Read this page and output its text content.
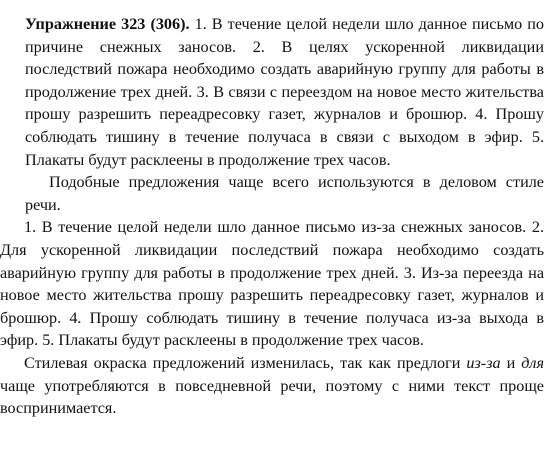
Упражнение 323 (306). 1. В течение целой недели шло данное письмо по причине снежных заносов. 2. В целях ускоренной ликвидации последствий пожара необходимо создать аварийную группу для работы в продолжение трех дней. 3. В связи с переездом на новое место жительства прошу разрешить переадресовку газет, журналов и брошюр. 4. Прошу соблюдать тишину в течение получаса в связи с выходом в эфир. 5. Плакаты будут расклеены в продолжение трех часов.

Подобные предложения чаще всего используются в деловом стиле речи.

1. В течение целой недели шло данное письмо из-за снежных заносов. 2. Для ускоренной ликвидации последствий пожара необходимо создать аварийную группу для работы в продолжение трех дней. 3. Из-за переезда на новое место жительства прошу разрешить переадресовку газет, журналов и брошюр. 4. Прошу соблюдать тишину в течение получаса из-за выхода в эфир. 5. Плакаты будут расклеены в продолжение трех часов.

Стилевая окраска предложений изменилась, так как предлоги из-за и для чаще употребляются в повседневной речи, поэтому с ними текст проще воспринимается.
